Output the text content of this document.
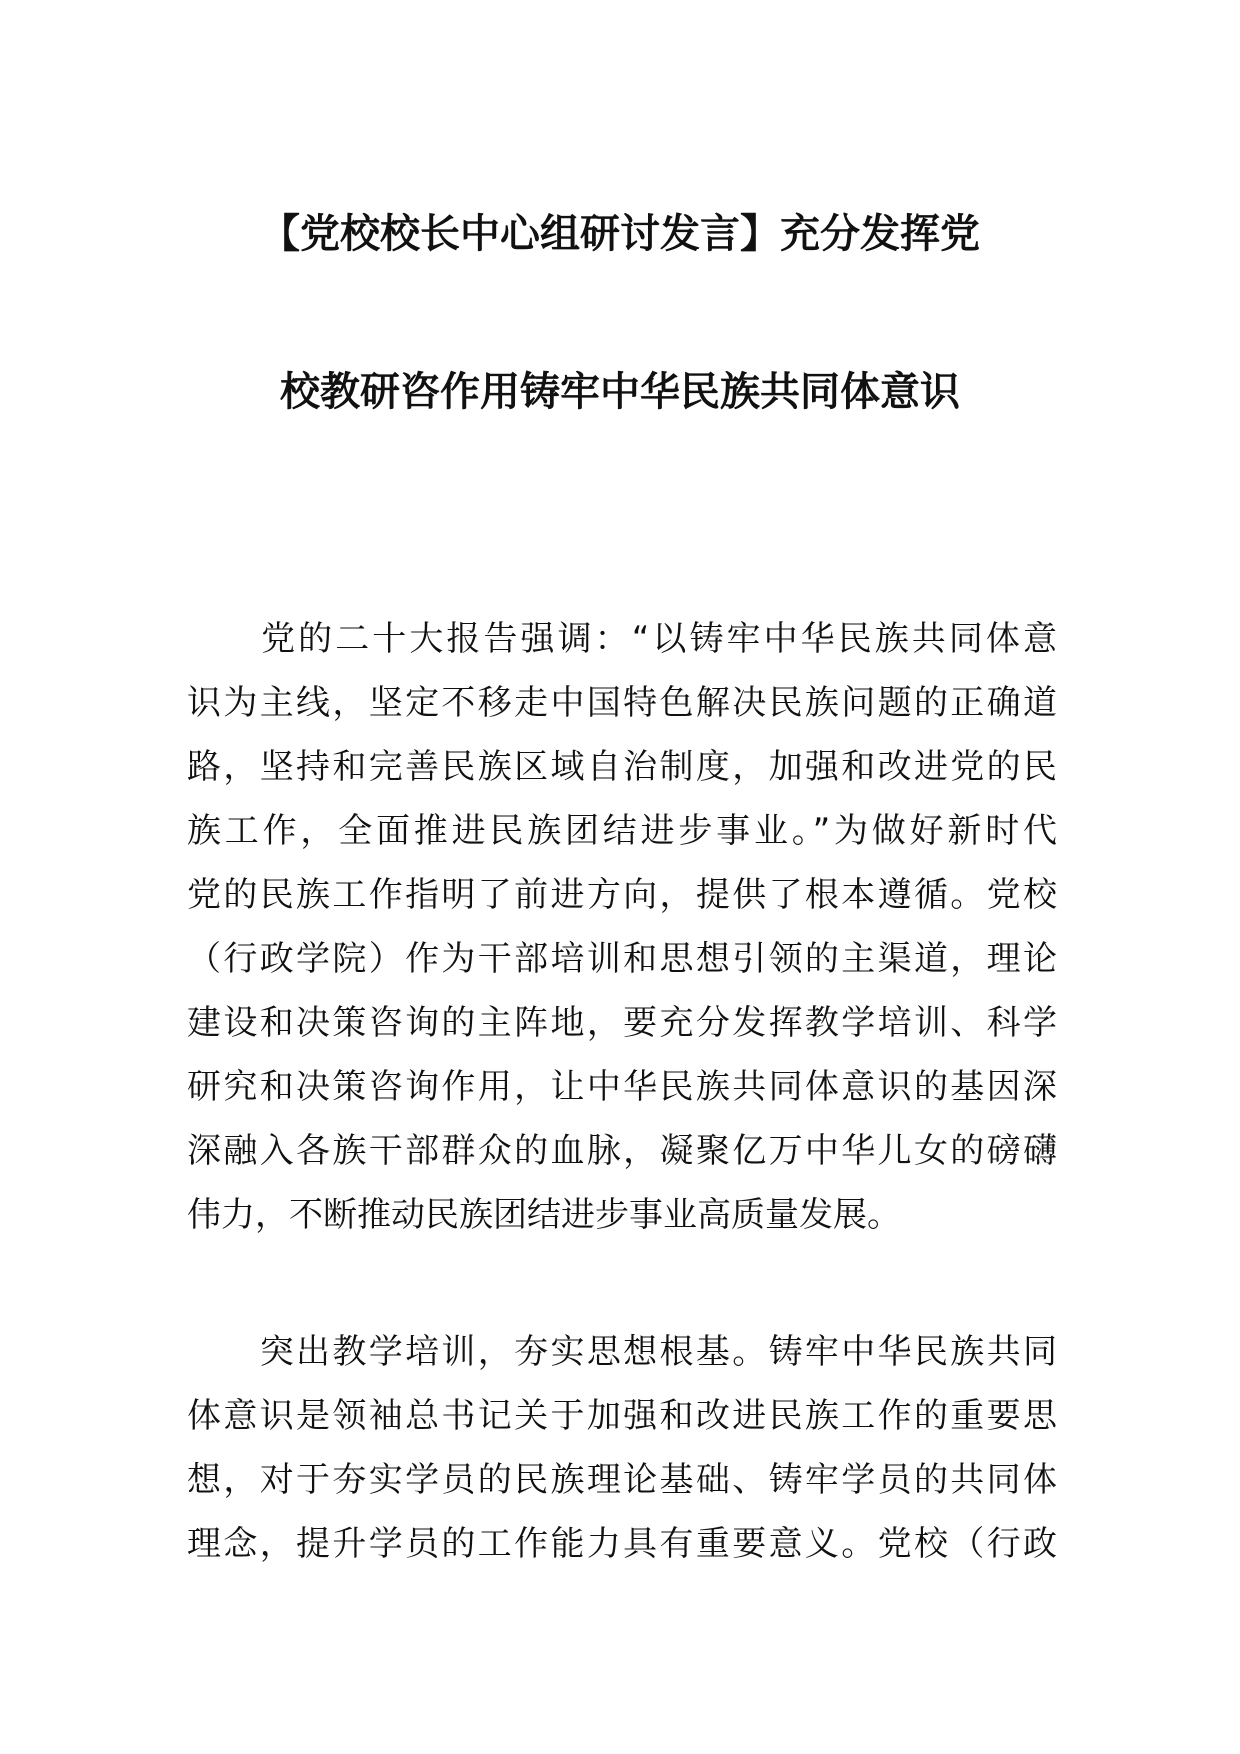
【党校校长中心组研讨发言】充分发挥党
校教研咨作用铸牢中华民族共同体意识
　　党的二十大报告强调：“以铸牢中华民族共同体意
识为主线，坚定不移走中国特色解决民族问题的正确道
路，坚持和完善民族区域自治制度，加强和改进党的民
族工作，全面推进民族团结进步事业。”为做好新时代
党的民族工作指明了前进方向，提供了根本遵循。党校
（行政学院）作为干部培训和思想引领的主渠道，理论
建设和决策咨询的主阵地，要充分发挥教学培训、科学
研究和决策咨询作用，让中华民族共同体意识的基因深
深融入各族干部群众的血脉，凝聚亿万中华儿女的磅礴
伟力，不断推动民族团结进步事业高质量发展。
　　突出教学培训，夯实思想根基。铸牢中华民族共同
体意识是领袖总书记关于加强和改进民族工作的重要思
想，对于夯实学员的民族理论基础、铸牢学员的共同体
理念，提升学员的工作能力具有重要意义。党校（行政
